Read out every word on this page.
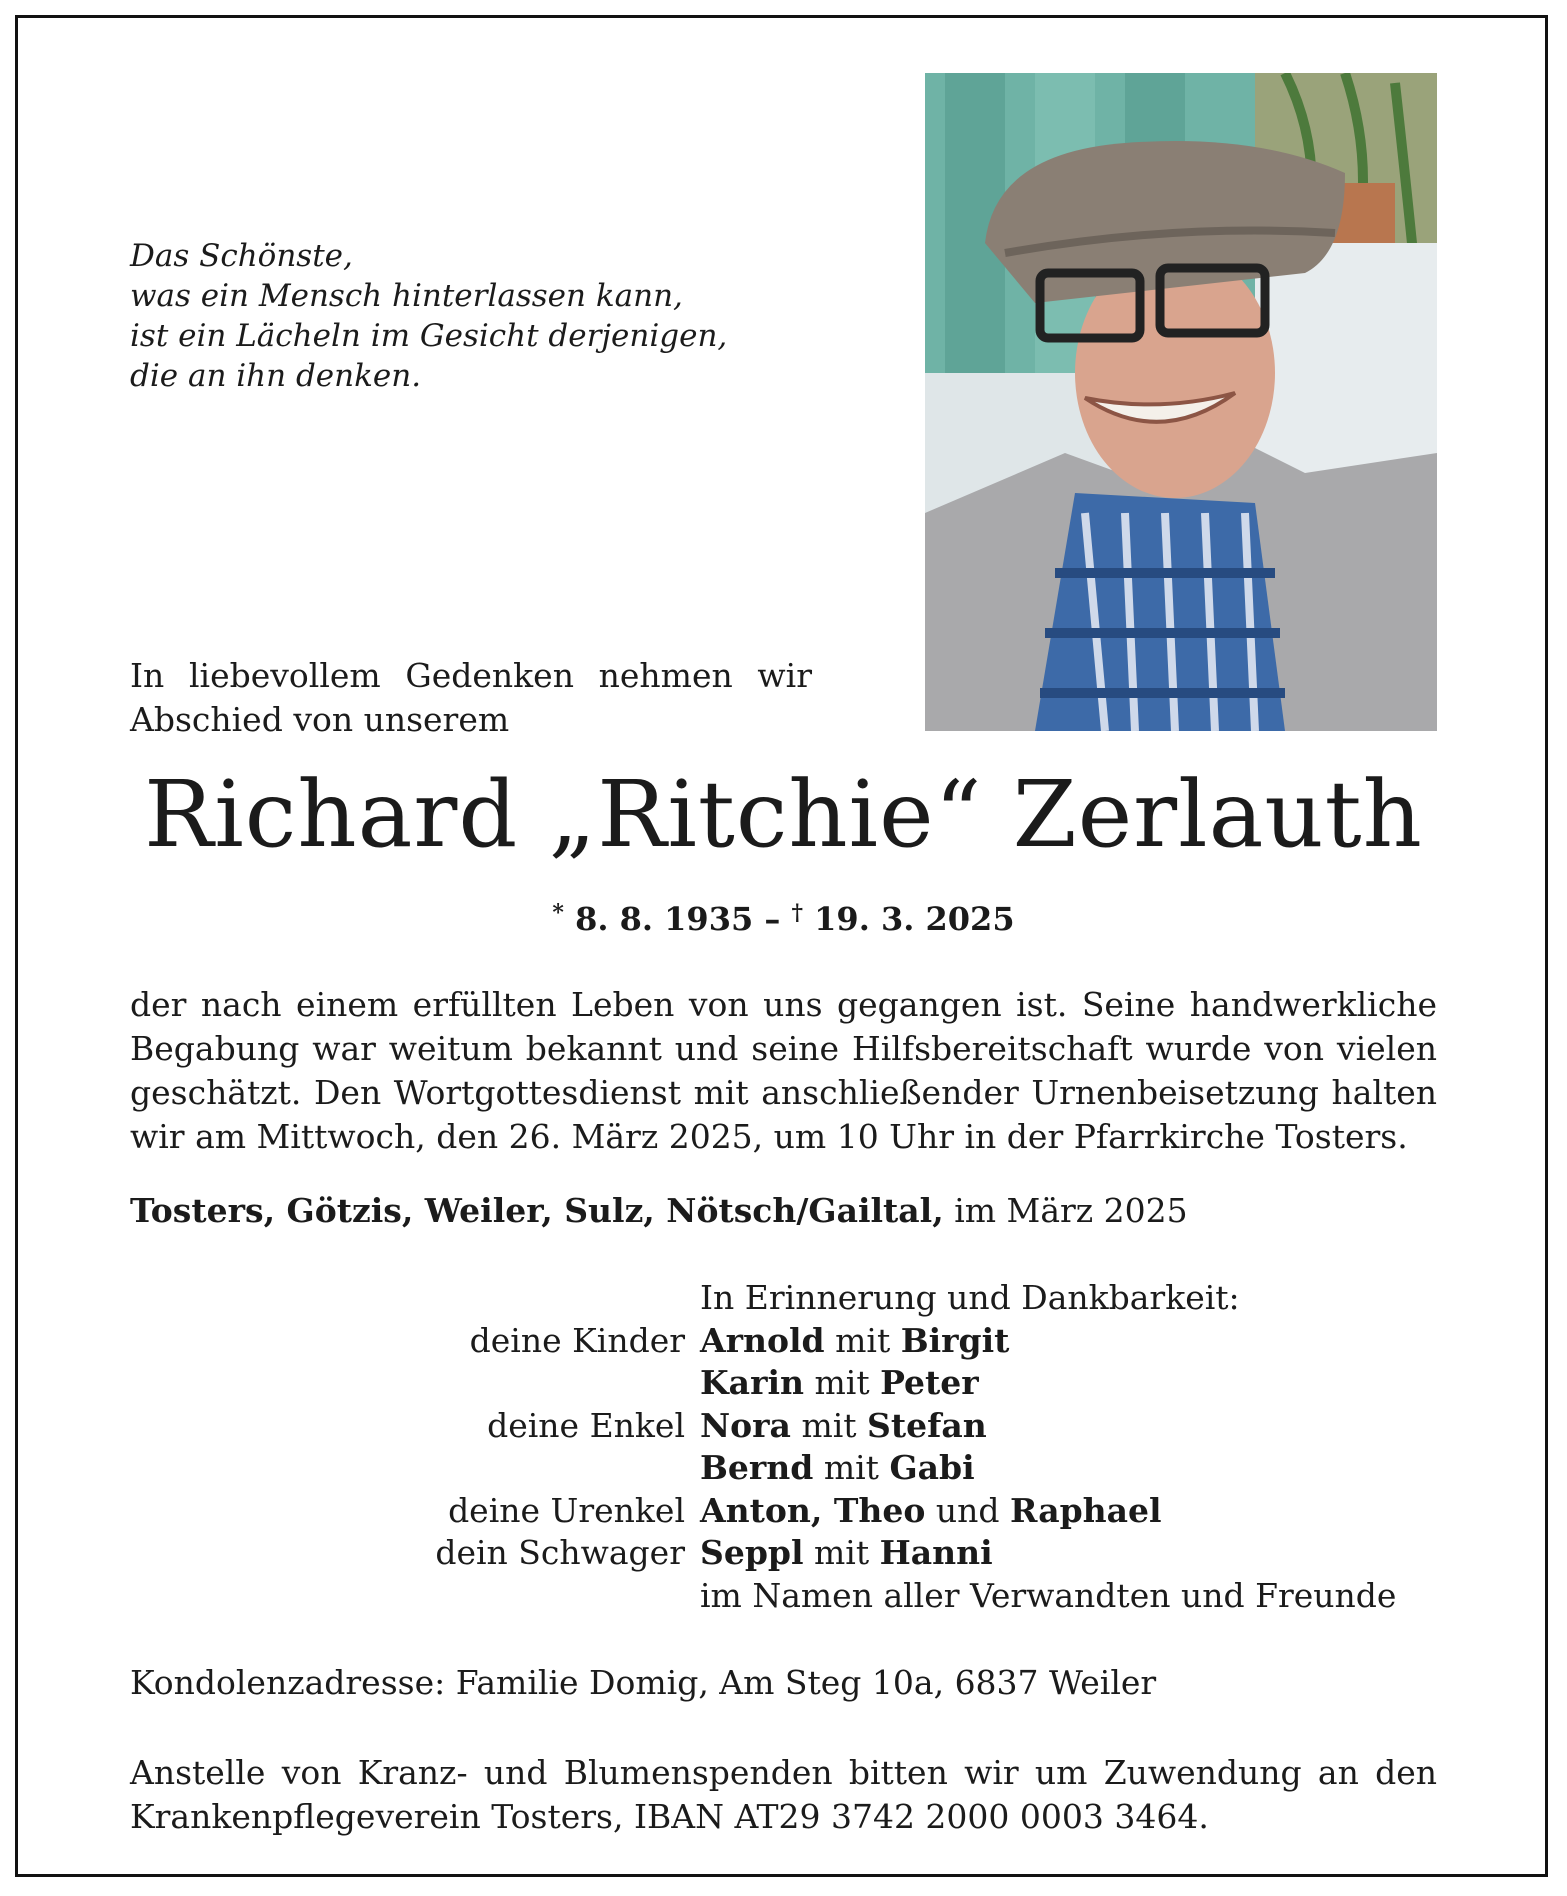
Das Schönste,
was ein Mensch hinterlassen kann,
ist ein Lächeln im Gesicht derjenigen,
die an ihn denken.
In liebevollem Gedenken nehmen wir
Abschied von unserem
Richard „Ritchie“ Zerlauth
* 8. 8. 1935 – † 19. 3. 2025
der nach einem erfüllten Leben von uns gegangen ist. Seine handwerkliche
Begabung war weitum bekannt und seine Hilfsbereitschaft wurde von vielen
geschätzt. Den Wortgottesdienst mit anschließender Urnenbeisetzung halten
wir am Mittwoch, den 26. März 2025, um 10 Uhr in der Pfarrkirche Tosters.
Tosters, Götzis, Weiler, Sulz, Nötsch/Gailtal, im März 2025
In Erinnerung und Dankbarkeit:
deine Kinder Arnold mit Birgit
Karin mit Peter
deine Enkel Nora mit Stefan
Bernd mit Gabi
deine Urenkel Anton, Theo und Raphael
dein Schwager Seppl mit Hanni
im Namen aller Verwandten und Freunde
Kondolenzadresse: Familie Domig, Am Steg 10a, 6837 Weiler
Anstelle von Kranz- und Blumenspenden bitten wir um Zuwendung an den
Krankenpflegeverein Tosters, IBAN AT29 3742 2000 0003 3464.
